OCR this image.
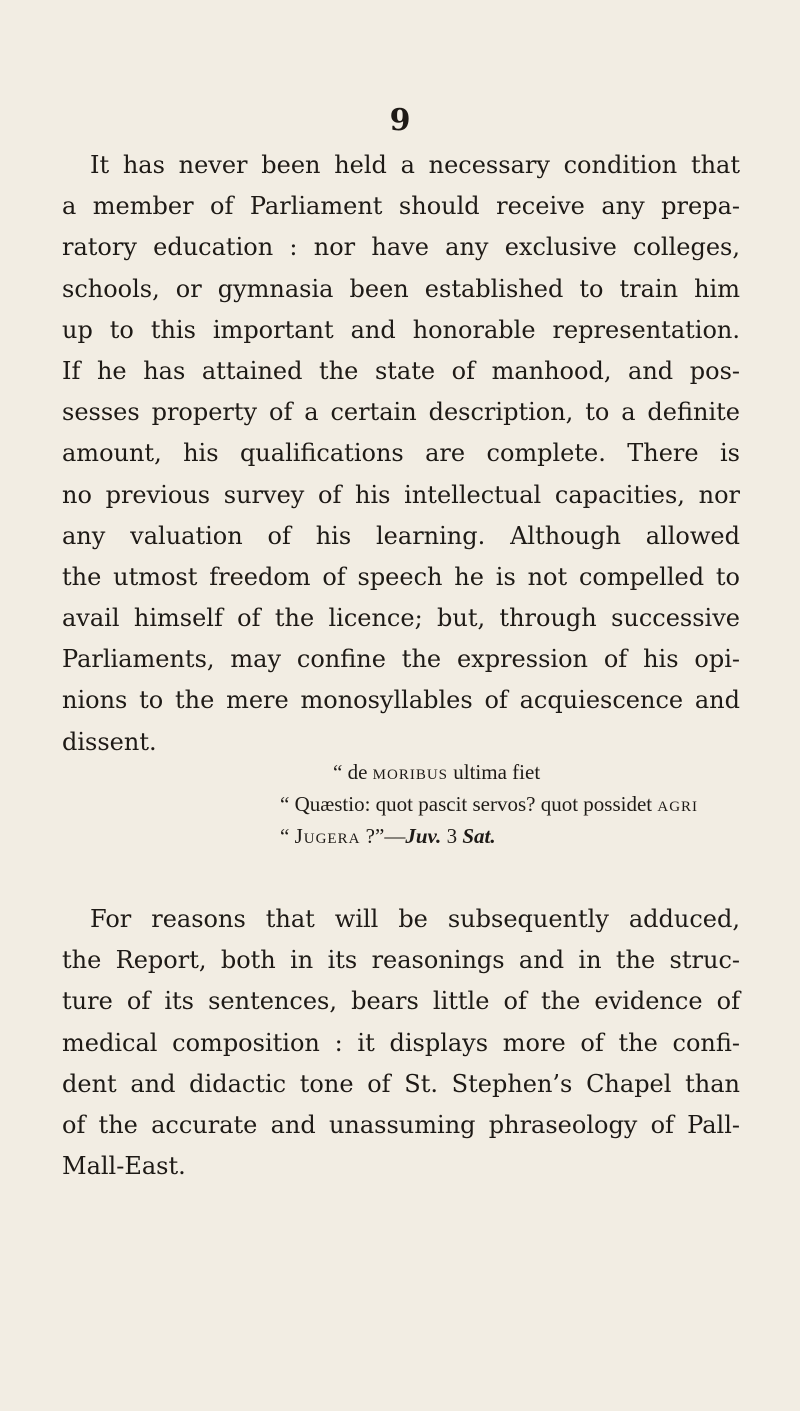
9
It has never been held a necessary condition that
a member of Parliament should receive any prepa-
ratory education : nor have any exclusive colleges,
schools, or gymnasia been established to train him
up to this important and honorable representation.
If he has attained the state of manhood, and pos-
sesses property of a certain description, to a definite
amount, his qualifications are complete. There is
no previous survey of his intellectual capacities, nor
any valuation of his learning. Although allowed
the utmost freedom of speech he is not compelled to
avail himself of the licence; but, through successive
Parliaments, may confine the expression of his opi-
nions to the mere monosyllables of acquiescence and
dissent.
“ de moribus ultima fiet
“ Quæstio: quot pascit servos? quot possidet agri
“ Jugera ?”—Juv. 3 Sat.
For reasons that will be subsequently adduced,
the Report, both in its reasonings and in the struc-
ture of its sentences, bears little of the evidence of
medical composition : it displays more of the confi-
dent and didactic tone of St. Stephen’s Chapel than
of the accurate and unassuming phraseology of Pall-
Mall-East.
